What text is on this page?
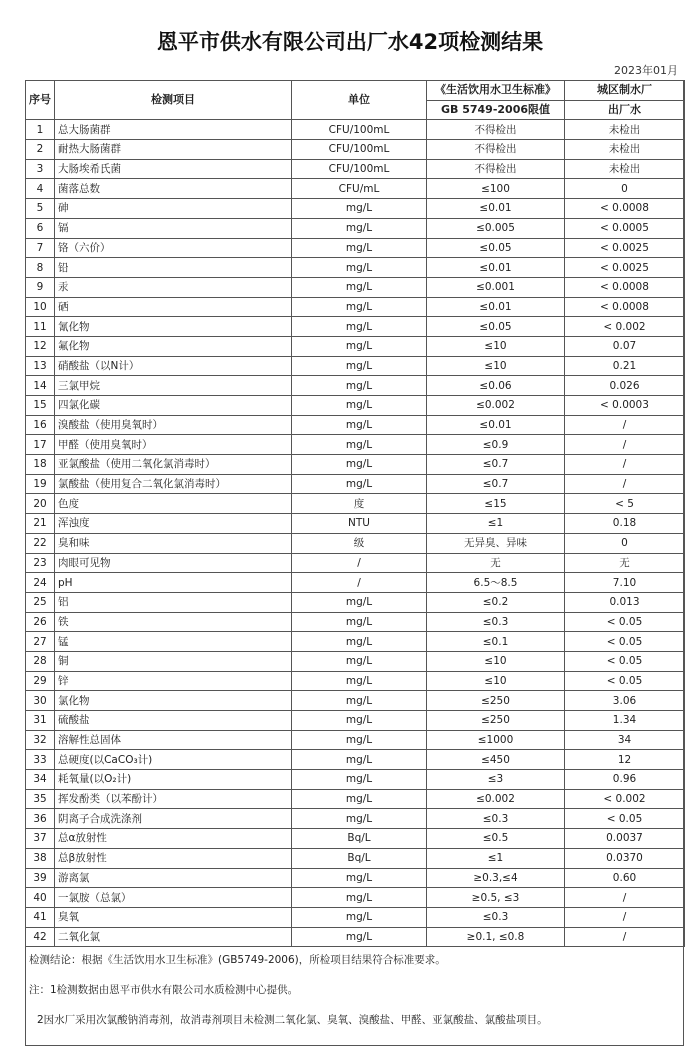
恩平市供水有限公司出厂水42项检测结果
2023年01月
序号	检测项目	单位	《生活饮用水卫生标准》	城区制水厂
			GB 5749-2006限值	出厂水
1	总大肠菌群	CFU/100mL	不得检出	未检出
2	耐热大肠菌群	CFU/100mL	不得检出	未检出
3	大肠埃希氏菌	CFU/100mL	不得检出	未检出
4	菌落总数	CFU/mL	≤100	0
5	砷	mg/L	≤0.01	< 0.0008
6	镉	mg/L	≤0.005	< 0.0005
7	铬（六价）	mg/L	≤0.05	< 0.0025
8	铅	mg/L	≤0.01	< 0.0025
9	汞	mg/L	≤0.001	< 0.0008
10	硒	mg/L	≤0.01	< 0.0008
11	氰化物	mg/L	≤0.05	< 0.002
12	氟化物	mg/L	≤10	0.07
13	硝酸盐（以N计）	mg/L	≤10	0.21
14	三氯甲烷	mg/L	≤0.06	0.026
15	四氯化碳	mg/L	≤0.002	< 0.0003
16	溴酸盐（使用臭氧时）	mg/L	≤0.01	/
17	甲醛（使用臭氧时）	mg/L	≤0.9	/
18	亚氯酸盐（使用二氧化氯消毒时）	mg/L	≤0.7	/
19	氯酸盐（使用复合二氧化氯消毒时）	mg/L	≤0.7	/
20	色度	度	≤15	< 5
21	浑浊度	NTU	≤1	0.18
22	臭和味	级	无异臭、异味	0
23	肉眼可见物	/	无	无
24	pH	/	6.5～8.5	7.10
25	铝	mg/L	≤0.2	0.013
26	铁	mg/L	≤0.3	< 0.05
27	锰	mg/L	≤0.1	< 0.05
28	铜	mg/L	≤10	< 0.05
29	锌	mg/L	≤10	< 0.05
30	氯化物	mg/L	≤250	3.06
31	硫酸盐	mg/L	≤250	1.34
32	溶解性总固体	mg/L	≤1000	34
33	总硬度(以CaCO₃计)	mg/L	≤450	12
34	耗氧量(以O₂计)	mg/L	≤3	0.96
35	挥发酚类（以苯酚计）	mg/L	≤0.002	< 0.002
36	阴离子合成洗涤剂	mg/L	≤0.3	< 0.05
37	总α放射性	Bq/L	≤0.5	0.0037
38	总β放射性	Bq/L	≤1	0.0370
39	游离氯	mg/L	≥0.3,≤4	0.60
40	一氯胺（总氯）	mg/L	≥0.5, ≤3	/
41	臭氧	mg/L	≤0.3	/
42	二氧化氯	mg/L	≥0.1, ≤0.8	/
检测结论：根据《生活饮用水卫生标准》(GB5749-2006)，所检项目结果符合标准要求。
注：1检测数据由恩平市供水有限公司水质检测中心提供。
2因水厂采用次氯酸钠消毒剂，故消毒剂项目未检测二氧化氯、臭氧、溴酸盐、甲醛、亚氯酸盐、氯酸盐项目。
